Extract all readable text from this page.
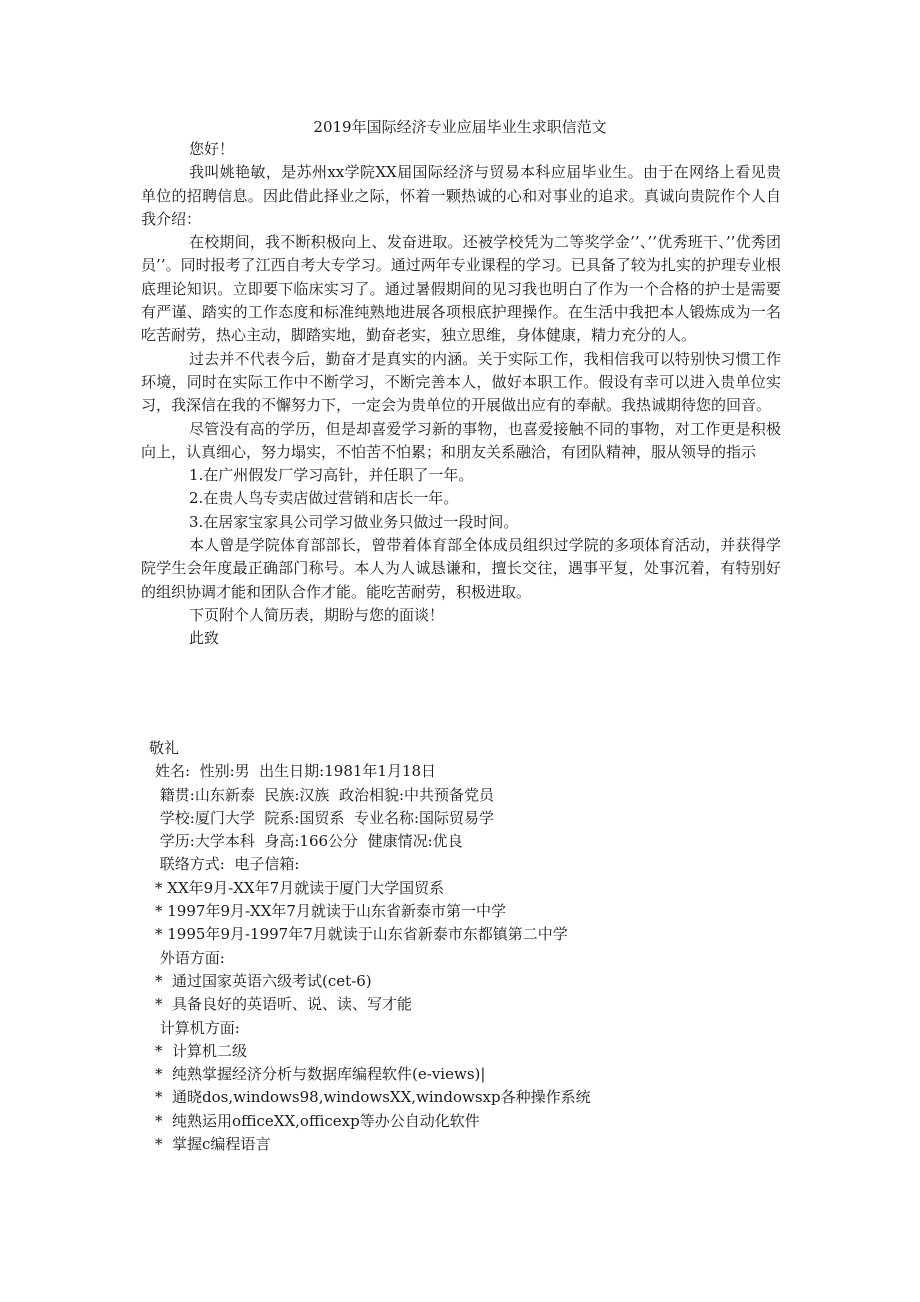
2019年国际经济专业应届毕业生求职信范文

您好！

我叫姚艳敏，是苏州xx学院XX届国际经济与贸易本科应届毕业生。由于在网络上看见贵单位的招聘信息。因此借此择业之际，怀着一颗热诚的心和对事业的追求。真诚向贵院作个人自我介绍：

在校期间，我不断积极向上、发奋进取。还被学校凭为二等奖学金’’、’’优秀班干、’’优秀团员’’。同时报考了江西自考大专学习。通过两年专业课程的学习。已具备了较为扎实的护理专业根底理论知识。立即要下临床实习了。通过暑假期间的见习我也明白了作为一个合格的护士是需要有严谨、踏实的工作态度和标准纯熟地进展各项根底护理操作。在生活中我把本人锻炼成为一名吃苦耐劳，热心主动，脚踏实地，勤奋老实，独立思维，身体健康，精力充分的人。

过去并不代表今后，勤奋才是真实的内涵。关于实际工作，我相信我可以特别快习惯工作环境，同时在实际工作中不断学习，不断完善本人，做好本职工作。假设有幸可以进入贵单位实习，我深信在我的不懈努力下，一定会为贵单位的开展做出应有的奉献。我热诚期待您的回音。

尽管没有高的学历，但是却喜爱学习新的事物，也喜爱接触不同的事物，对工作更是积极向上，认真细心，努力塌实，不怕苦不怕累；和朋友关系融洽，有团队精神，服从领导的指示

1.在广州假发厂学习高针，并任职了一年。

2.在贵人鸟专卖店做过营销和店长一年。

3.在居家宝家具公司学习做业务只做过一段时间。

本人曾是学院体育部部长，曾带着体育部全体成员组织过学院的多项体育活动，并获得学院学生会年度最正确部门称号。本人为人诚恳谦和，擅长交往，遇事平复，处事沉着，有特别好的组织协调才能和团队合作才能。能吃苦耐劳，积极进取。

下页附个人简历表，期盼与您的面谈！

此致

敬礼

姓名:  性别:男  出生日期:1981年1月18日

籍贯:山东新泰  民族:汉族  政治相貌:中共预备党员

学校:厦门大学  院系:国贸系  专业名称:国际贸易学

学历:大学本科  身高:166公分  健康情况:优良

联络方式:  电子信箱:

* XX年9月-XX年7月就读于厦门大学国贸系

* 1997年9月-XX年7月就读于山东省新泰市第一中学

* 1995年9月-1997年7月就读于山东省新泰市东都镇第二中学

外语方面:

*  通过国家英语六级考试(cet-6)

*  具备良好的英语听、说、读、写才能

计算机方面:

*  计算机二级

*  纯熟掌握经济分析与数据库编程软件(e-views)|

*  通晓dos,windows98,windowsXX,windowsxp各种操作系统

*  纯熟运用officeXX,officexp等办公自动化软件

*  掌握c编程语言
